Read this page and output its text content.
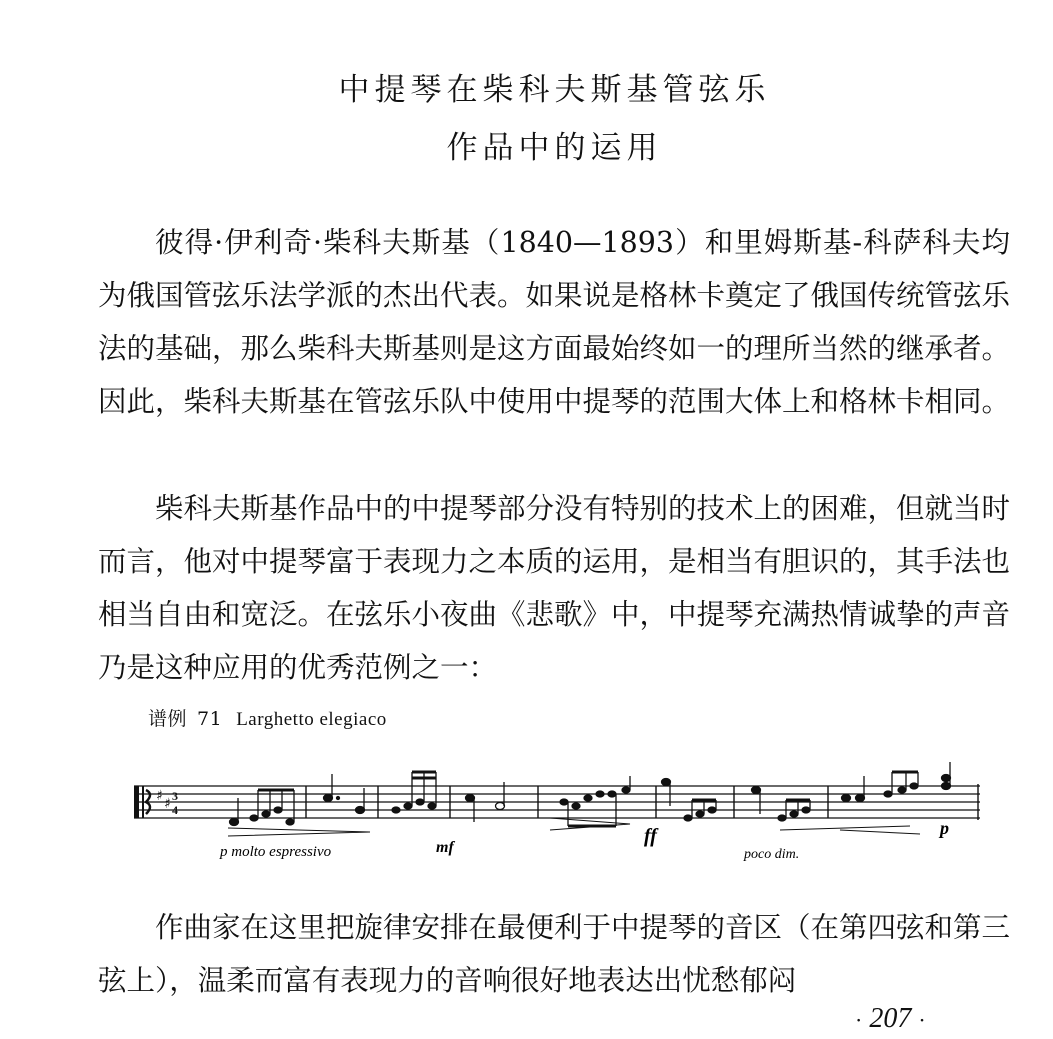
中提琴在柴科夫斯基管弦乐
作品中的运用

彼得·伊利奇·柴科夫斯基（1840—1893）和里姆斯基-科萨科夫均为俄国管弦乐法学派的杰出代表。如果说是格林卡奠定了俄国传统管弦乐法的基础，那么柴科夫斯基则是这方面最始终如一的理所当然的继承者。因此，柴科夫斯基在管弦乐队中使用中提琴的范围大体上和格林卡相同。

柴科夫斯基作品中的中提琴部分没有特别的技术上的困难，但就当时而言，他对中提琴富于表现力之本质的运用，是相当有胆识的，其手法也相当自由和宽泛。在弦乐小夜曲《悲歌》中，中提琴充满热情诚挚的声音乃是这种应用的优秀范例之一：

谱例 71 Larghetto elegiaco
♯ ♯ 3
4
p molto espressivo	mf
ff
poco dim.
p

作曲家在这里把旋律安排在最便利于中提琴的音区（在第四弦和第三弦上），温柔而富有表现力的音响很好地表达出忧愁郁闷

· 207 ·
